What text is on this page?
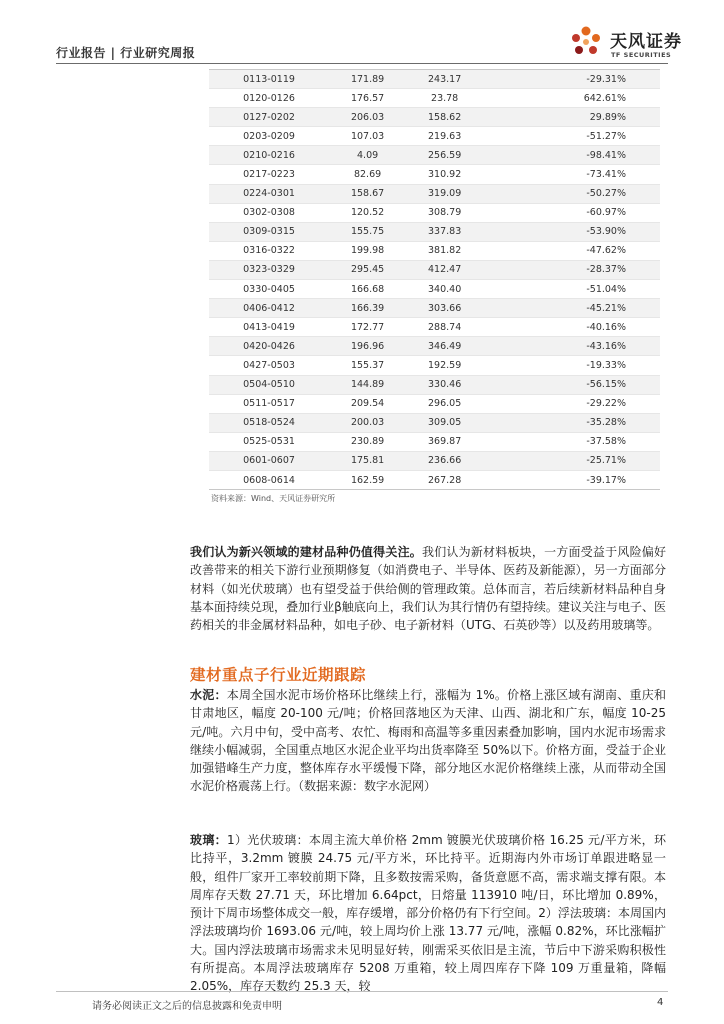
行业报告 | 行业研究周报
天风证券
TF SECURITIES
0113-0119	171.89	243.17	-29.31%
0120-0126	176.57	23.78	642.61%
0127-0202	206.03	158.62	29.89%
0203-0209	107.03	219.63	-51.27%
0210-0216	4.09	256.59	-98.41%
0217-0223	82.69	310.92	-73.41%
0224-0301	158.67	319.09	-50.27%
0302-0308	120.52	308.79	-60.97%
0309-0315	155.75	337.83	-53.90%
0316-0322	199.98	381.82	-47.62%
0323-0329	295.45	412.47	-28.37%
0330-0405	166.68	340.40	-51.04%
0406-0412	166.39	303.66	-45.21%
0413-0419	172.77	288.74	-40.16%
0420-0426	196.96	346.49	-43.16%
0427-0503	155.37	192.59	-19.33%
0504-0510	144.89	330.46	-56.15%
0511-0517	209.54	296.05	-29.22%
0518-0524	200.03	309.05	-35.28%
0525-0531	230.89	369.87	-37.58%
0601-0607	175.81	236.66	-25.71%
0608-0614	162.59	267.28	-39.17%
资料来源：Wind、天风证券研究所
我们认为新兴领域的建材品种仍值得关注。我们认为新材料板块，一方面受益于风险偏好改善带来的相关下游行业预期修复（如消费电子、半导体、医药及新能源），另一方面部分材料（如光伏玻璃）也有望受益于供给侧的管理政策。总体而言，若后续新材料品种自身基本面持续兑现，叠加行业β触底向上，我们认为其行情仍有望持续。建议关注与电子、医药相关的非金属材料品种，如电子砂、电子新材料（UTG、石英砂等）以及药用玻璃等。
建材重点子行业近期跟踪
水泥：本周全国水泥市场价格环比继续上行，涨幅为 1%。价格上涨区域有湖南、重庆和甘肃地区，幅度 20-100 元/吨；价格回落地区为天津、山西、湖北和广东，幅度 10-25 元/吨。六月中旬，受中高考、农忙、梅雨和高温等多重因素叠加影响，国内水泥市场需求继续小幅减弱，全国重点地区水泥企业平均出货率降至 50%以下。价格方面，受益于企业加强错峰生产力度，整体库存水平缓慢下降，部分地区水泥价格继续上涨，从而带动全国水泥价格震荡上行。（数据来源：数字水泥网）
玻璃：1）光伏玻璃：本周主流大单价格 2mm 镀膜光伏玻璃价格 16.25 元/平方米，环比持平，3.2mm 镀膜 24.75 元/平方米，环比持平。近期海内外市场订单跟进略显一般，组件厂家开工率较前期下降，且多数按需采购，备货意愿不高，需求端支撑有限。本周库存天数 27.71 天，环比增加 6.64pct，日熔量 113910 吨/日，环比增加 0.89%，预计下周市场整体成交一般，库存缓增，部分价格仍有下行空间。2）浮法玻璃：本周国内浮法玻璃均价 1693.06 元/吨，较上周均价上涨 13.77 元/吨，涨幅 0.82%，环比涨幅扩大。国内浮法玻璃市场需求未见明显好转，刚需采买依旧是主流，节后中下游采购积极性有所提高。本周浮法玻璃库存 5208 万重箱，较上周四库存下降 109 万重量箱，降幅 2.05%，库存天数约 25.3 天，较
请务必阅读正文之后的信息披露和免责申明	4
